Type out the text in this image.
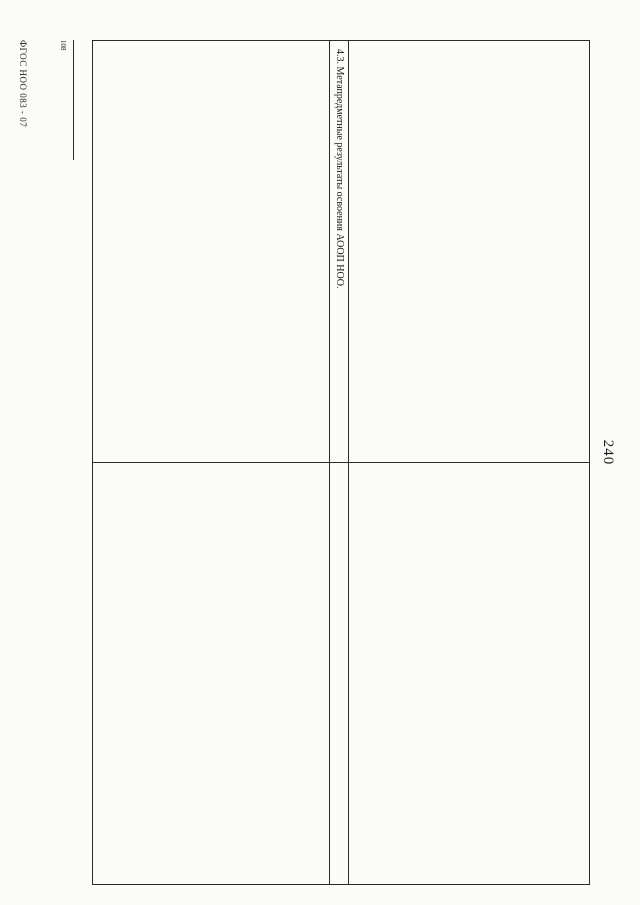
240
4.3. Метапредметные результаты освоения АООП НОО.
108

ФГОС НОО 083 - 07
